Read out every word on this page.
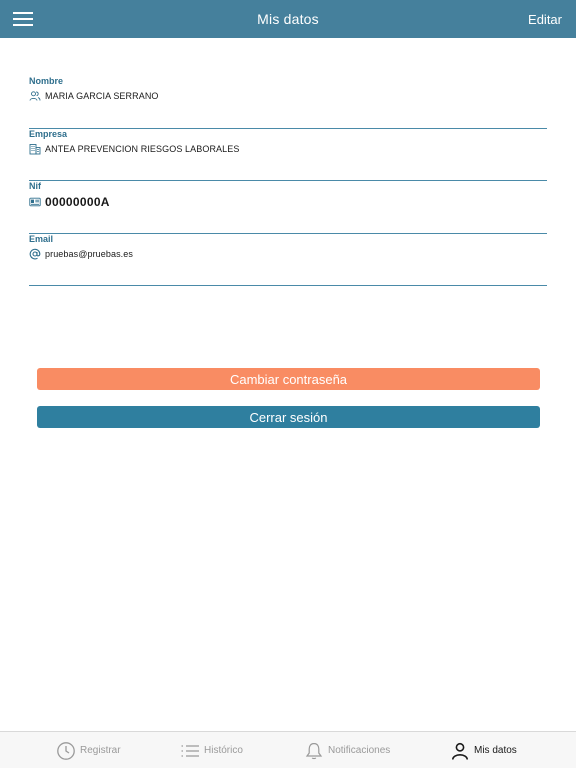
Mis datos	Editar
Nombre
MARIA GARCIA SERRANO
Empresa
ANTEA PREVENCION RIESGOS LABORALES
Nif
00000000A
Email
pruebas@pruebas.es
Cambiar contraseña
Cerrar sesión
Registrar	Histórico	Notificaciones	Mis datos
